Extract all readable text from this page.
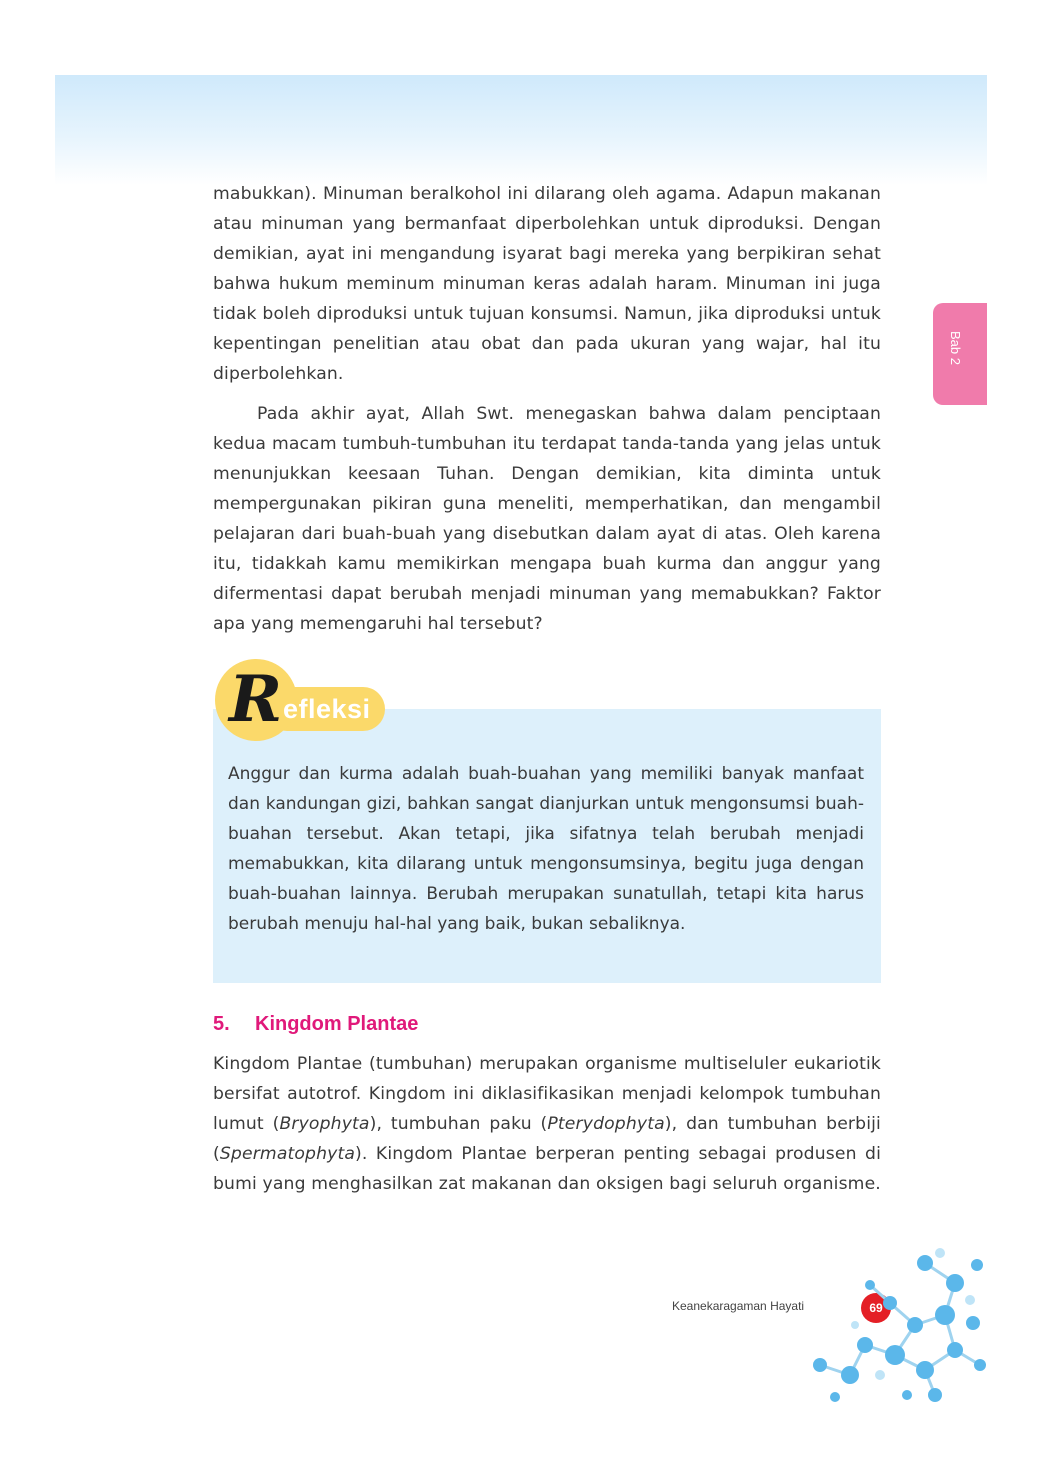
Bab 2

mabukkan). Minuman beralkohol ini dilarang oleh agama. Adapun makanan atau minuman yang bermanfaat diperbolehkan untuk diproduksi. Dengan demikian, ayat ini mengandung isyarat bagi mereka yang berpikiran sehat bahwa hukum meminum minuman keras adalah haram. Minuman ini juga tidak boleh diproduksi untuk tujuan konsumsi. Namun, jika diproduksi untuk kepentingan penelitian atau obat dan pada ukuran yang wajar, hal itu diperbolehkan.

Pada akhir ayat, Allah Swt. menegaskan bahwa dalam penciptaan kedua macam tumbuh-tumbuhan itu terdapat tanda-tanda yang jelas untuk menunjukkan keesaan Tuhan. Dengan demikian, kita diminta untuk mempergunakan pikiran guna meneliti, memperhatikan, dan mengambil pelajaran dari buah-buah yang disebutkan dalam ayat di atas. Oleh karena itu, tidakkah kamu memikirkan mengapa buah kurma dan anggur yang difermentasi dapat berubah menjadi minuman yang memabukkan? Faktor apa yang memengaruhi hal tersebut?

R efleksi

Anggur dan kurma adalah buah-buahan yang memiliki banyak manfaat dan kandungan gizi, bahkan sangat dianjurkan untuk mengonsumsi buah-buahan tersebut. Akan tetapi, jika sifatnya telah berubah menjadi memabukkan, kita dilarang untuk mengonsumsinya, begitu juga dengan buah-buahan lainnya. Berubah merupakan sunatullah, tetapi kita harus berubah menuju hal-hal yang baik, bukan sebaliknya.

5. Kingdom Plantae

Kingdom Plantae (tumbuhan) merupakan organisme multiseluler eukariotik bersifat autotrof. Kingdom ini diklasifikasikan menjadi kelompok tumbuhan lumut (Bryophyta), tumbuhan paku (Pterydophyta), dan tumbuhan berbiji (Spermatophyta). Kingdom Plantae berperan penting sebagai produsen di bumi yang menghasilkan zat makanan dan oksigen bagi seluruh organisme.

Keanekaragaman Hayati	69
